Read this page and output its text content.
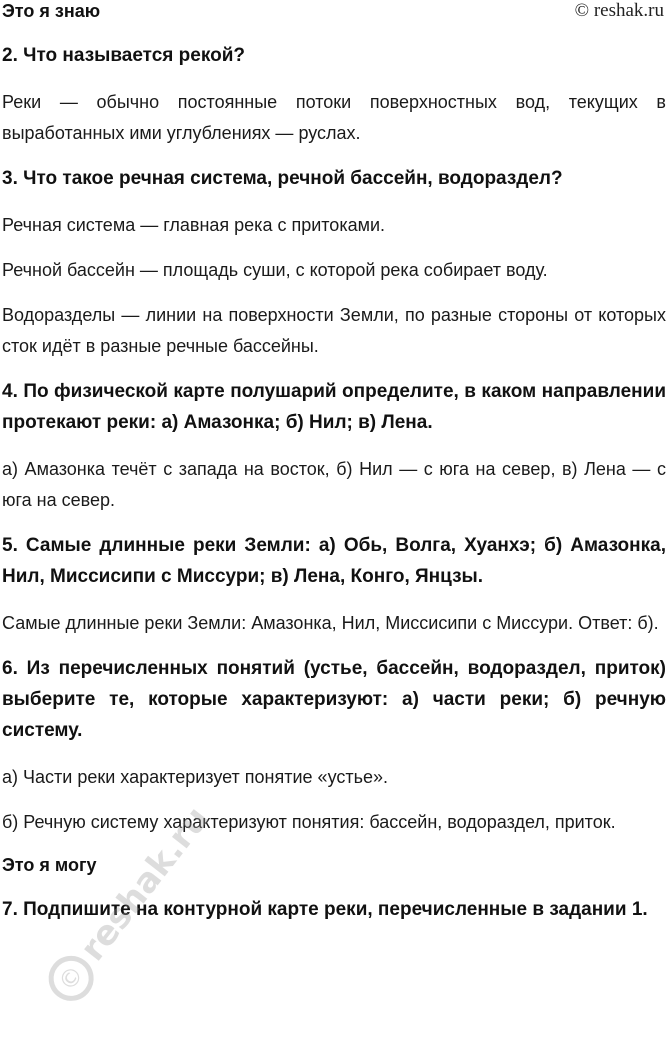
Это я знаю	© reshak.ru

2. Что называется рекой?

Реки — обычно постоянные потоки поверхностных вод, текущих в выработанных ими углублениях — руслах.

3. Что такое речная система, речной бассейн, водораздел?

Речная система — главная река с притоками.

Речной бассейн — площадь суши, с которой река собирает воду.

Водоразделы — линии на поверхности Земли, по разные стороны от которых сток идёт в разные речные бассейны.

4. По физической карте полушарий определите, в каком направлении протекают реки: а) Амазонка; б) Нил; в) Лена.

а) Амазонка течёт с запада на восток, б) Нил — с юга на север, в) Лена — с юга на север.

5. Самые длинные реки Земли: а) Обь, Волга, Хуанхэ; б) Амазонка, Нил, Миссисипи с Миссури; в) Лена, Конго, Янцзы.

Самые длинные реки Земли: Амазонка, Нил, Миссисипи с Миссури. Ответ: б).

6. Из перечисленных понятий (устье, бассейн, водораздел, приток) выберите те, которые характеризуют: а) части реки; б) речную систему.

а) Части реки характеризует понятие «устье».

б) Речную систему характеризуют понятия: бассейн, водораздел, приток.

Это я могу

7. Подпишите на контурной карте реки, перечисленные в задании 1.

©
reshak.ru
